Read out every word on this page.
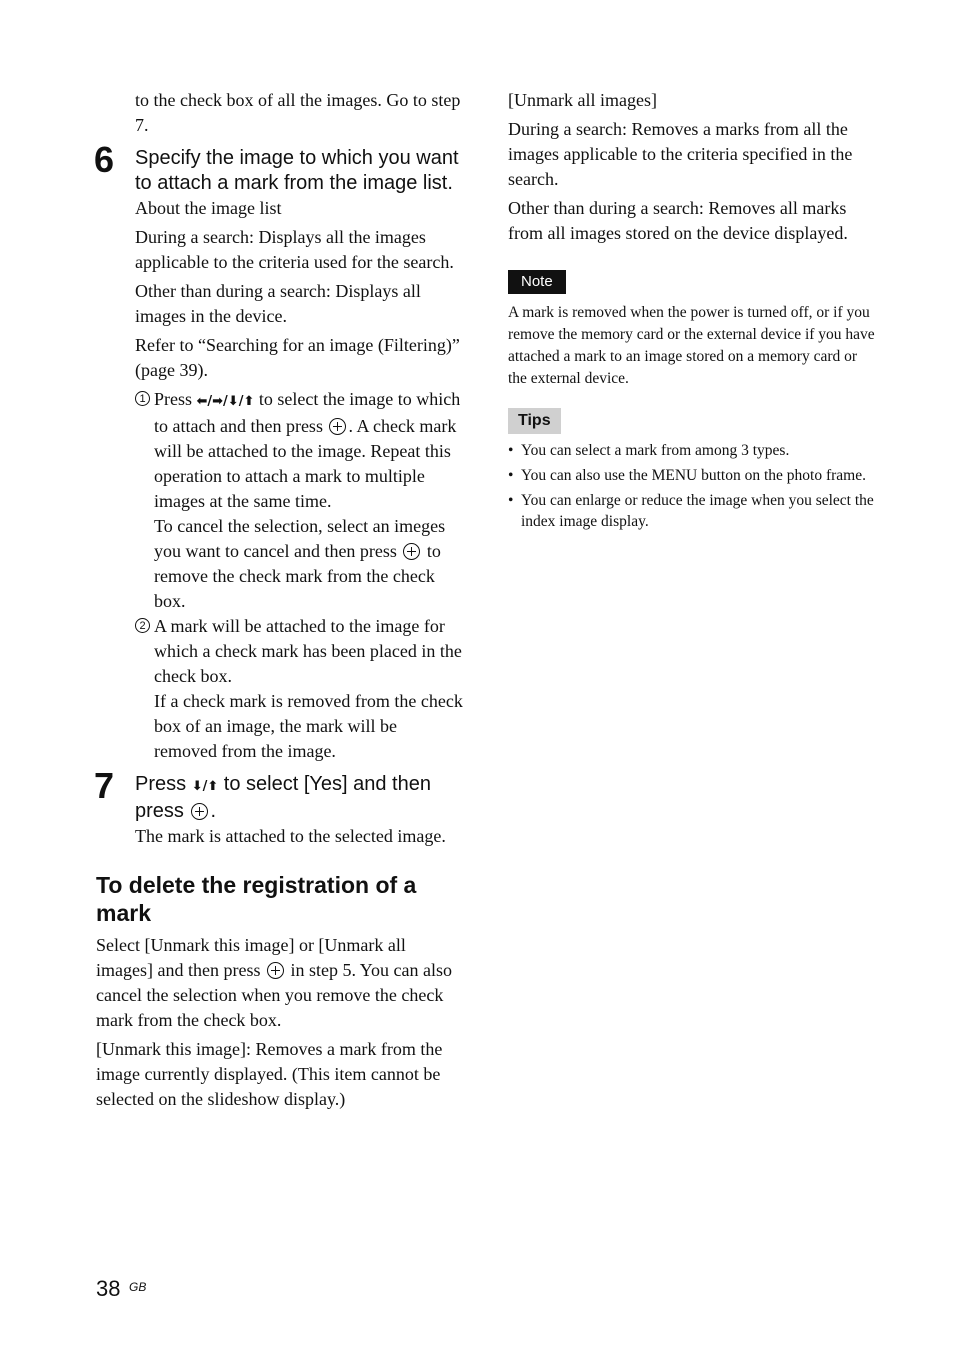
to the check box of all the images. Go to step 7.

6 Specify the image to which you want to attach a mark from the image list.

About the image list

During a search: Displays all the images applicable to the criteria used for the search.

Other than during a search: Displays all images in the device.

Refer to “Searching for an image (Filtering)” (page 39).

1 Press ⬅/➡/⬇/⬆ to select the image to which to attach and then press . A check mark will be attached to the image. Repeat this operation to attach a mark to multiple images at the same time.
To cancel the selection, select an imeges you want to cancel and then press to remove the check mark from the check box.
2 A mark will be attached to the image for which a check mark has been placed in the check box.
If a check mark is removed from the check box of an image, the mark will be removed from the image.
7 Press ⬇/⬆ to select [Yes] and then press .

The mark is attached to the selected image.

To delete the registration of a mark

Select [Unmark this image] or [Unmark all images] and then press in step 5. You can also cancel the selection when you remove the check mark from the check box.

[Unmark this image]: Removes a mark from the image currently displayed. (This item cannot be selected on the slideshow display.)

[Unmark all images]

During a search: Removes a marks from all the images applicable to the criteria specified in the search.

Other than during a search: Removes all marks from all images stored on the device displayed.

Note

A mark is removed when the power is turned off, or if you remove the memory card or the external device if you have attached a mark to an image stored on a memory card or the external device.

Tips

• You can select a mark from among 3 types.

• You can also use the MENU button on the photo frame.

• You can enlarge or reduce the image when you select the index image display.

38 GB
